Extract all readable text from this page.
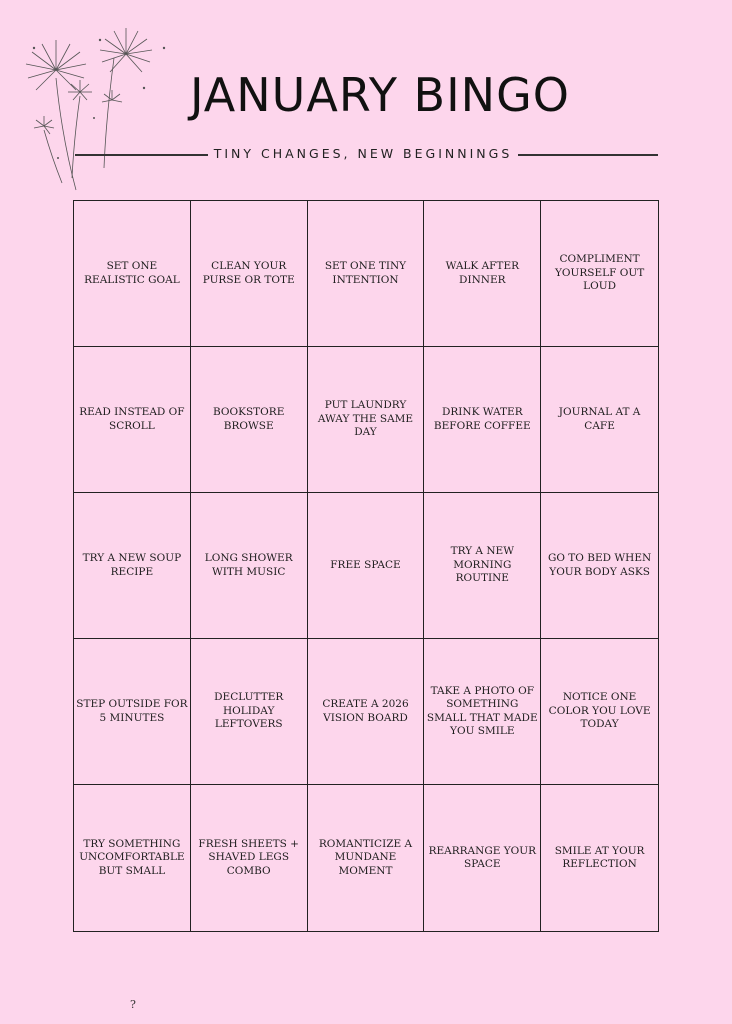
JANUARY BINGO
TINY CHANGES, NEW BEGINNINGS
SET ONE REALISTIC GOAL
CLEAN YOUR PURSE OR TOTE
SET ONE TINY INTENTION
WALK AFTER DINNER
COMPLIMENT YOURSELF OUT LOUD
READ INSTEAD OF SCROLL
BOOKSTORE BROWSE
PUT LAUNDRY AWAY THE SAME DAY
DRINK WATER BEFORE COFFEE
JOURNAL AT A CAFE
TRY A NEW SOUP RECIPE
LONG SHOWER WITH MUSIC
FREE SPACE
TRY A NEW MORNING ROUTINE
GO TO BED WHEN YOUR BODY ASKS
STEP OUTSIDE FOR 5 MINUTES
DECLUTTER HOLIDAY LEFTOVERS
CREATE A 2026 VISION BOARD
TAKE A PHOTO OF SOMETHING SMALL THAT MADE YOU SMILE
NOTICE ONE COLOR YOU LOVE TODAY
TRY SOMETHING UNCOMFORTABLE BUT SMALL
FRESH SHEETS + SHAVED LEGS COMBO
ROMANTICIZE A MUNDANE MOMENT
REARRANGE YOUR SPACE
SMILE AT YOUR REFLECTION
?
